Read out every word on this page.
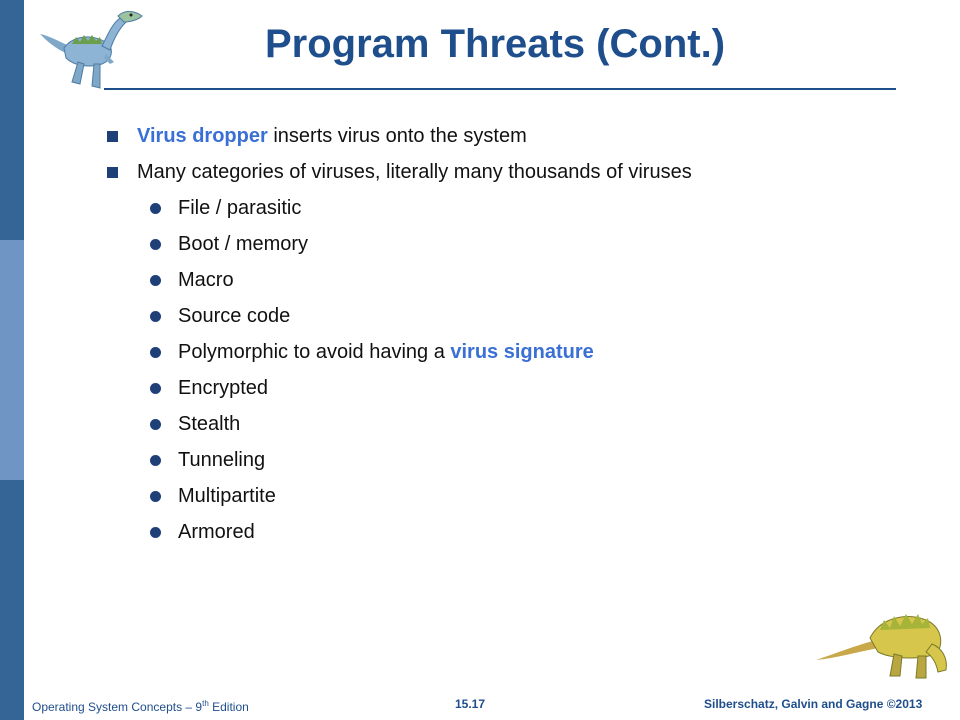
Program Threats (Cont.)
Virus dropper inserts virus onto the system
Many categories of viruses, literally many thousands of viruses
File / parasitic
Boot / memory
Macro
Source code
Polymorphic to avoid having a virus signature
Encrypted
Stealth
Tunneling
Multipartite
Armored
Operating System Concepts – 9th Edition	15.17	Silberschatz, Galvin and Gagne ©2013
